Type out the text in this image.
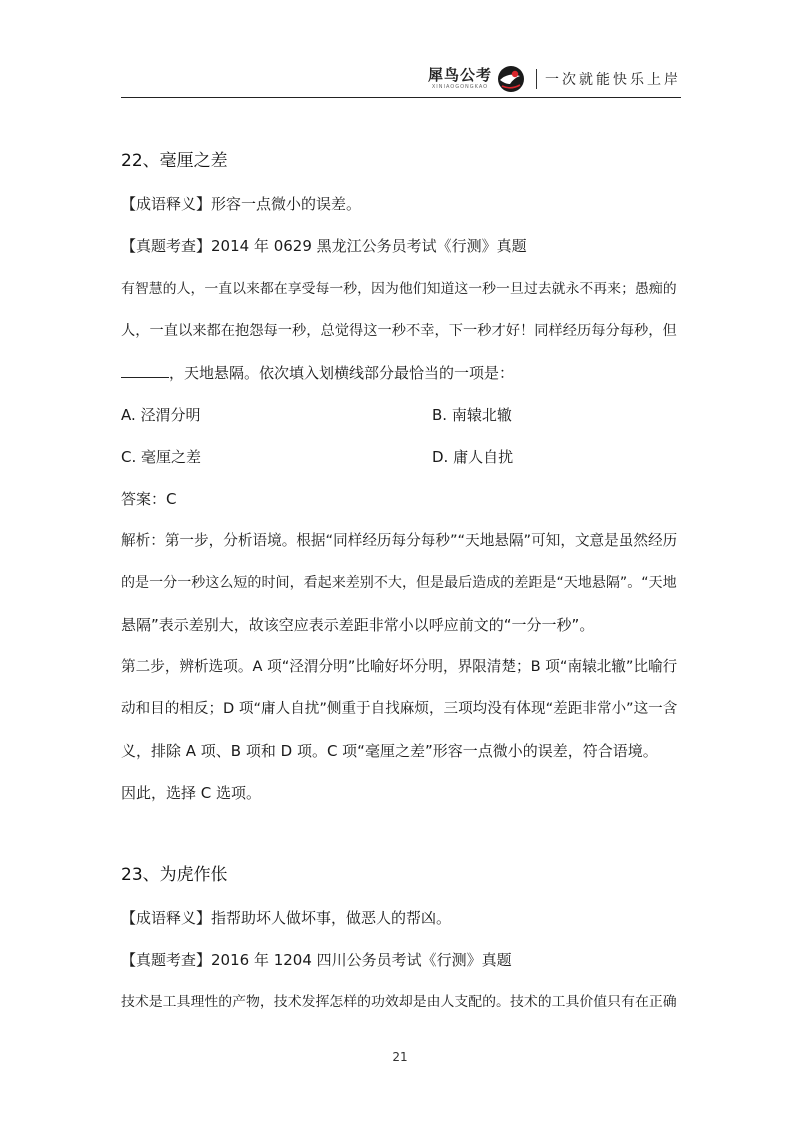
犀鸟公考
XINIAOGONGKAO	一次就能快乐上岸
22、毫厘之差
【成语释义】形容一点微小的误差。
【真题考查】2014 年 0629 黑龙江公务员考试《行测》真题
有智慧的人，一直以来都在享受每一秒，因为他们知道这一秒一旦过去就永不再来；愚痴的
人，一直以来都在抱怨每一秒，总觉得这一秒不幸，下一秒才好！同样经历每分每秒，但
，天地悬隔。依次填入划横线部分最恰当的一项是：
A. 泾渭分明	B. 南辕北辙
C. 毫厘之差	D. 庸人自扰
答案：C
解析：第一步，分析语境。根据“同样经历每分每秒”“天地悬隔”可知，文意是虽然经历
的是一分一秒这么短的时间，看起来差别不大，但是最后造成的差距是“天地悬隔”。“天地
悬隔”表示差别大，故该空应表示差距非常小以呼应前文的“一分一秒”。
第二步，辨析选项。A 项“泾渭分明”比喻好坏分明，界限清楚；B 项“南辕北辙”比喻行
动和目的相反；D 项“庸人自扰”侧重于自找麻烦，三项均没有体现“差距非常小”这一含
义，排除 A 项、B 项和 D 项。C 项“毫厘之差”形容一点微小的误差，符合语境。
因此，选择 C 选项。
23、为虎作伥
【成语释义】指帮助坏人做坏事，做恶人的帮凶。
【真题考查】2016 年 1204 四川公务员考试《行测》真题
技术是工具理性的产物，技术发挥怎样的功效却是由人支配的。技术的工具价值只有在正确
21
